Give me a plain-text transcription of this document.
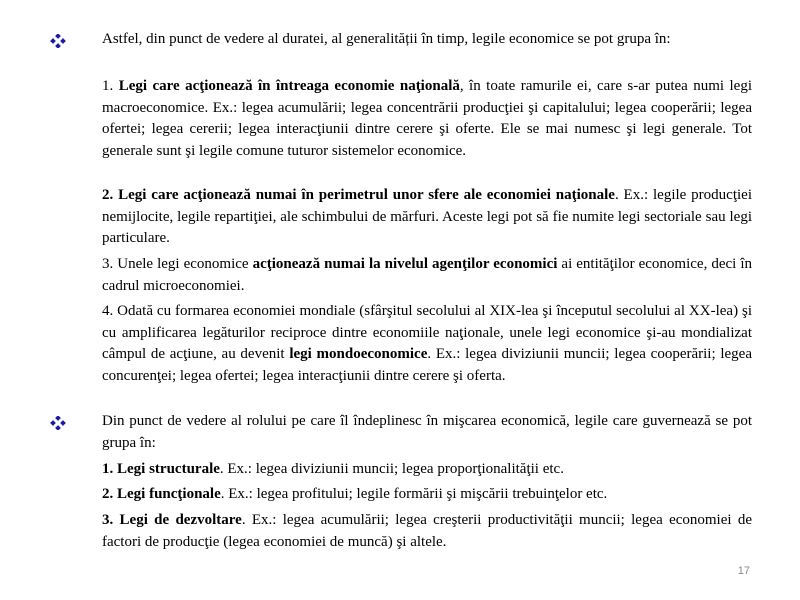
Astfel, din punct de vedere al duratei, al generalității în timp, legile economice se pot grupa în:

1. Legi care acţionează în întreaga economie naţională, în toate ramurile ei, care s-ar putea numi legi macroeconomice. Ex.: legea acumulării; legea concentrării producţiei şi capitalului; legea cooperării; legea ofertei; legea cererii; legea interacţiunii dintre cerere şi oferte. Ele se mai numesc şi legi generale. Tot generale sunt şi legile comune tuturor sistemelor economice.

2. Legi care acţionează numai în perimetrul unor sfere ale economiei naţionale. Ex.: legile producţiei nemijlocite, legile repartiţiei, ale schimbului de mărfuri. Aceste legi pot să fie numite legi sectoriale sau legi particulare.

3. Unele legi economice acţionează numai la nivelul agenţilor economici ai entităţilor economice, deci în cadrul microeconomiei.

4. Odată cu formarea economiei mondiale (sfârşitul secolului al XIX-lea şi începutul secolului al XX-lea) şi cu amplificarea legăturilor reciproce dintre economiile naţionale, unele legi economice şi-au mondializat câmpul de acţiune, au devenit legi mondoeconomice. Ex.: legea diviziunii muncii; legea cooperării; legea concurenţei; legea ofertei; legea interacţiunii dintre cerere şi oferta.

Din punct de vedere al rolului pe care îl îndeplinesc în mişcarea economică, legile care guvernează se pot grupa în:

1. Legi structurale. Ex.: legea diviziunii muncii; legea proporţionalităţii etc.

2. Legi funcţionale. Ex.: legea profitului; legile formării şi mişcării trebuinţelor etc.

3. Legi de dezvoltare. Ex.: legea acumulării; legea creşterii productivităţii muncii; legea economiei de factori de producţie (legea economiei de muncă) şi altele.

17
